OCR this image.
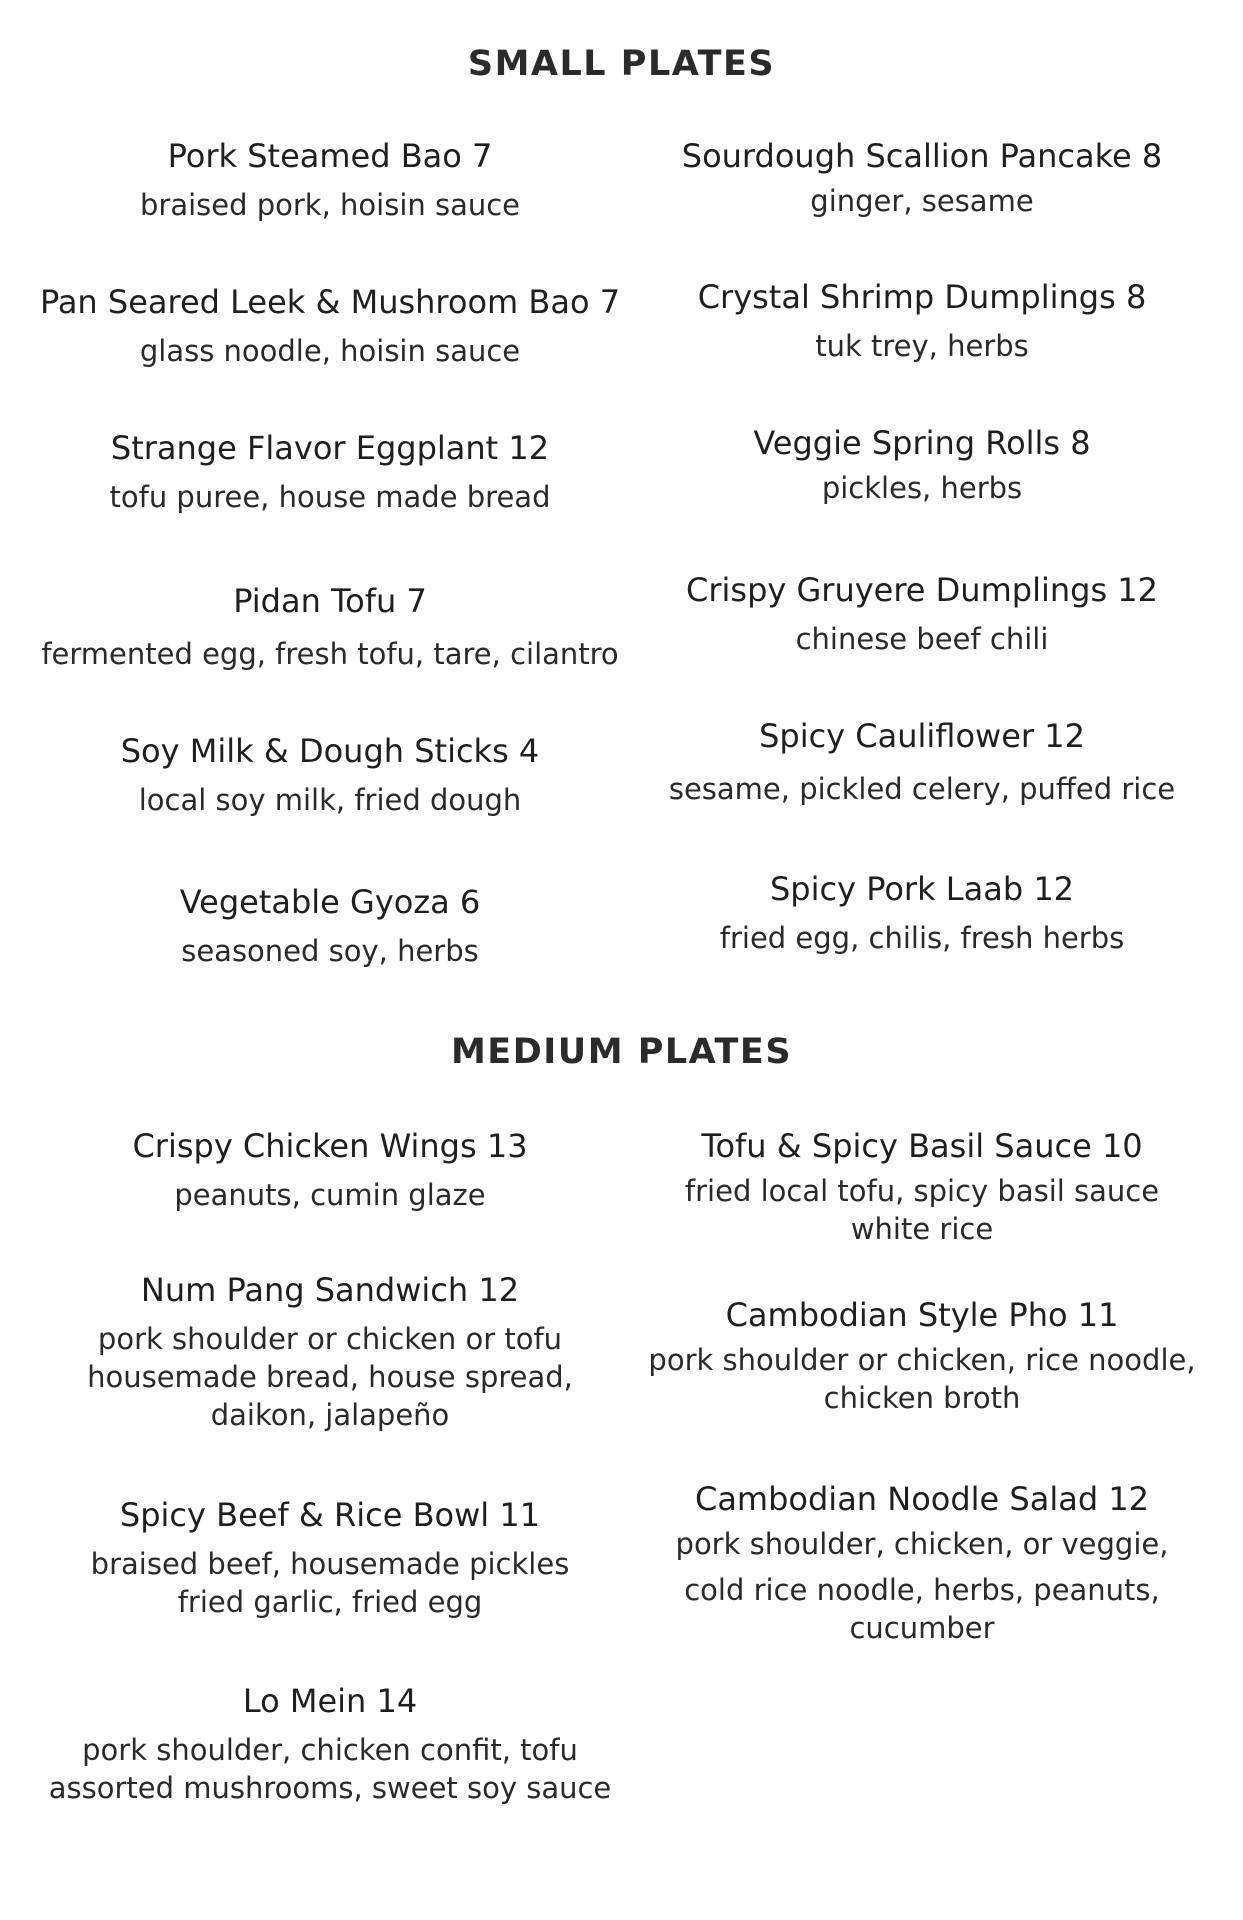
SMALL PLATES
Pork Steamed Bao 7
braised pork, hoisin sauce
Pan Seared Leek & Mushroom Bao 7
glass noodle, hoisin sauce
Strange Flavor Eggplant 12
tofu puree, house made bread
Pidan Tofu 7
fermented egg, fresh tofu, tare, cilantro
Soy Milk & Dough Sticks 4
local soy milk, fried dough
Vegetable Gyoza 6
seasoned soy, herbs
Sourdough Scallion Pancake 8
ginger, sesame
Crystal Shrimp Dumplings 8
tuk trey, herbs
Veggie Spring Rolls 8
pickles, herbs
Crispy Gruyere Dumplings 12
chinese beef chili
Spicy Cauliflower 12
sesame, pickled celery, puffed rice
Spicy Pork Laab 12
fried egg, chilis, fresh herbs
MEDIUM PLATES
Crispy Chicken Wings 13
peanuts, cumin glaze
Num Pang Sandwich 12
pork shoulder or chicken or tofu
housemade bread, house spread,
daikon, jalapeño
Spicy Beef & Rice Bowl 11
braised beef, housemade pickles
fried garlic, fried egg
Lo Mein 14
pork shoulder, chicken confit, tofu
assorted mushrooms, sweet soy sauce
Tofu & Spicy Basil Sauce 10
fried local tofu, spicy basil sauce
white rice
Cambodian Style Pho 11
pork shoulder or chicken, rice noodle,
chicken broth
Cambodian Noodle Salad 12
pork shoulder, chicken, or veggie,
cold rice noodle, herbs, peanuts,
cucumber
